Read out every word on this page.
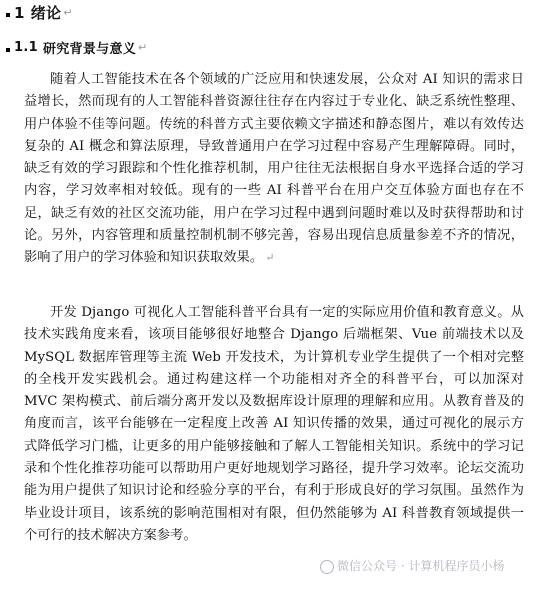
1 绪论 ↵
1.1 研究背景与意义 ↵

随着人工智能技术在各个领域的广泛应用和快速发展，公众对 AI 知识的需求日益增长，然而现有的人工智能科普资源往往存在内容过于专业化、缺乏系统性整理、用户体验不佳等问题。传统的科普方式主要依赖文字描述和静态图片，难以有效传达复杂的 AI 概念和算法原理，导致普通用户在学习过程中容易产生理解障碍。同时，缺乏有效的学习跟踪和个性化推荐机制，用户往往无法根据自身水平选择合适的学习内容，学习效率相对较低。现有的一些 AI 科普平台在用户交互体验方面也存在不足，缺乏有效的社区交流功能，用户在学习过程中遇到问题时难以及时获得帮助和讨论。另外，内容管理和质量控制机制不够完善，容易出现信息质量参差不齐的情况，影响了用户的学习体验和知识获取效果。 ↵

开发 Django 可视化人工智能科普平台具有一定的实际应用价值和教育意义。从技术实践角度来看，该项目能够很好地整合 Django 后端框架、Vue 前端技术以及 MySQL 数据库管理等主流 Web 开发技术，为计算机专业学生提供了一个相对完整的全栈开发实践机会。通过构建这样一个功能相对齐全的科普平台，可以加深对 MVC 架构模式、前后端分离开发以及数据库设计原理的理解和应用。从教育普及的角度而言，该平台能够在一定程度上改善 AI 知识传播的效果，通过可视化的展示方式降低学习门槛，让更多的用户能够接触和了解人工智能相关知识。系统中的学习记录和个性化推荐功能可以帮助用户更好地规划学习路径，提升学习效率。论坛交流功能为用户提供了知识讨论和经验分享的平台，有利于形成良好的学习氛围。虽然作为毕业设计项目，该系统的影响范围相对有限，但仍然能够为 AI 科普教育领域提供一个可行的技术解决方案参考。

微信公众号 · 计算机程序员小杨
